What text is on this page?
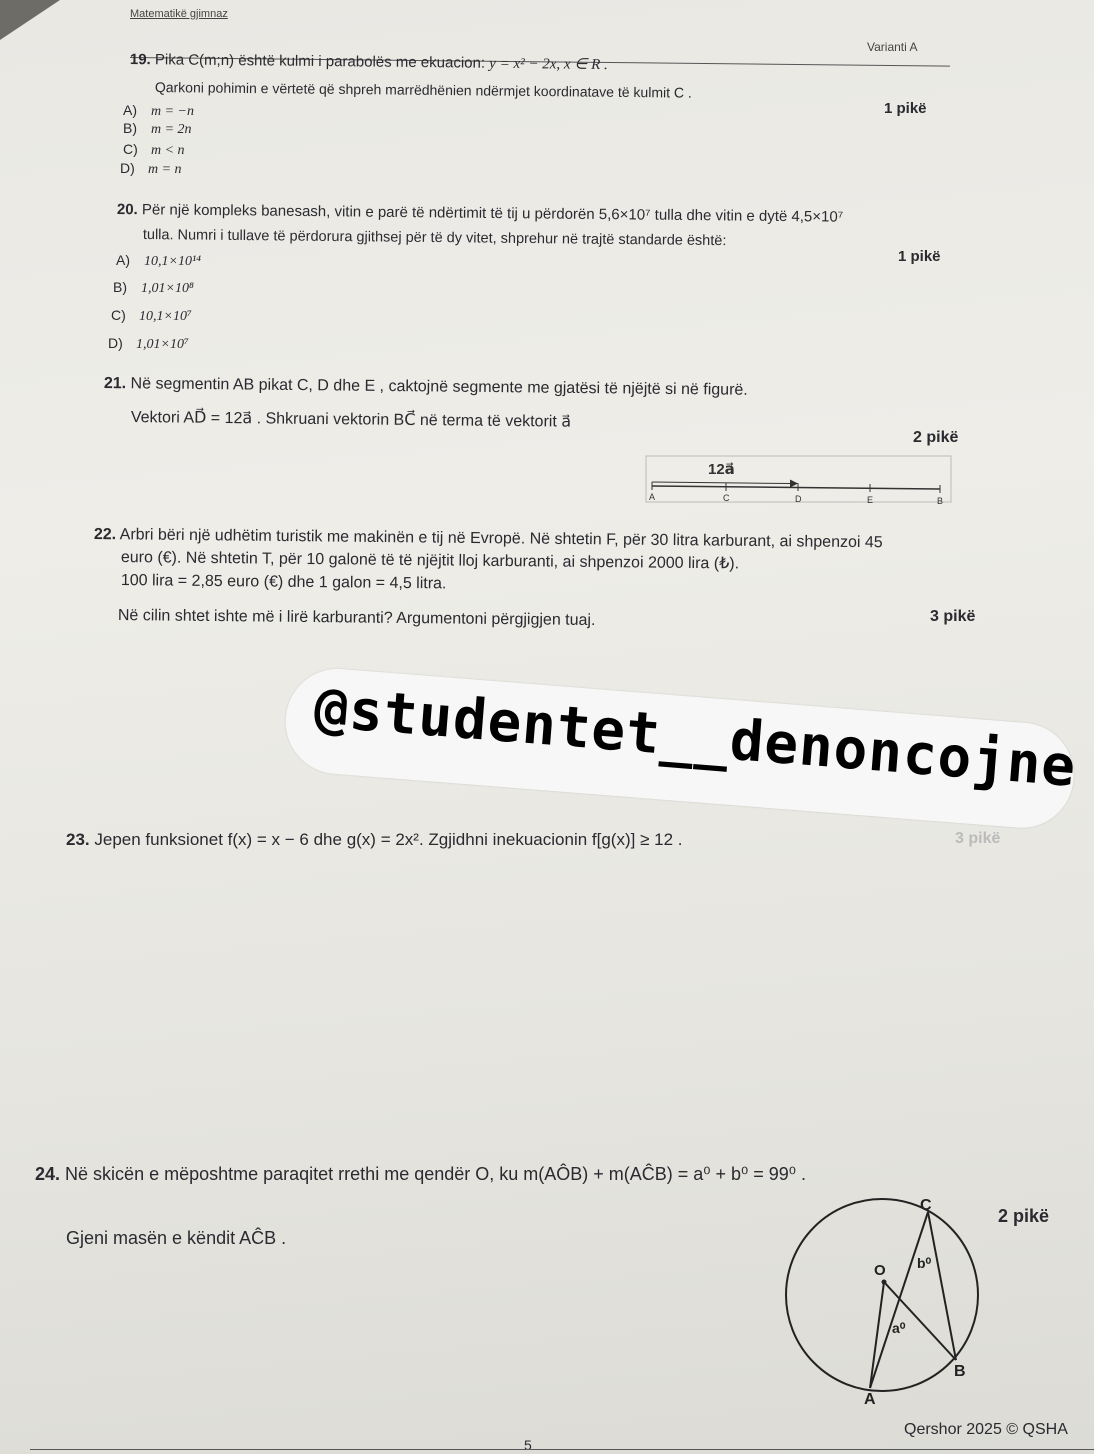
Matematikë gjimnaz
Varianti A
19. Pika C(m;n) është kulmi i parabolës me ekuacion: y = x² − 2x, x ∈ R .
Qarkoni pohimin e vërtetë që shpreh marrëdhënien ndërmjet koordinatave të kulmit C .
1 pikë
A) m = −n
B) m = 2n
C) m < n
D) m = n
20. Për një kompleks banesash, vitin e parë të ndërtimit të tij u përdorën 5,6×10⁷ tulla dhe vitin e dytë 4,5×10⁷
tulla. Numri i tullave të përdorura gjithsej për të dy vitet, shprehur në trajtë standarde është:
1 pikë
A) 10,1×10¹⁴
B) 1,01×10⁸
C) 10,1×10⁷
D) 1,01×10⁷
21. Në segmentin AB pikat C, D dhe E , caktojnë segmente me gjatësi të njëjtë si në figurë.
Vektori AD⃗ = 12a⃗ . Shkruani vektorin BC⃗ në terma të vektorit a⃗
2 pikë
12a⃗
A	C	D	E	B
22. Arbri bëri një udhëtim turistik me makinën e tij në Evropë. Në shtetin F, për 30 litra karburant, ai shpenzoi 45
euro (€). Në shtetin T, për 10 galonë të të njëjtit lloj karburanti, ai shpenzoi 2000 lira (₺).
100 lira = 2,85 euro (€) dhe 1 galon = 4,5 litra.
Në cilin shtet ishte më i lirë karburanti? Argumentoni përgjigjen tuaj.	3 pikë
23. Jepen funksionet f(x) = x − 6 dhe g(x) = 2x². Zgjidhni inekuacionin f[g(x)] ≥ 12 .	3 pikë
@studentet__denoncojne
24. Në skicën e mëposhtme paraqitet rrethi me qendër O, ku m(AÔB) + m(AĈB) = a⁰ + b⁰ = 99⁰ .
Gjeni masën e këndit AĈB .
2 pikë
C
O
B
A
b⁰
a⁰
Qershor 2025 © QSHA
5
